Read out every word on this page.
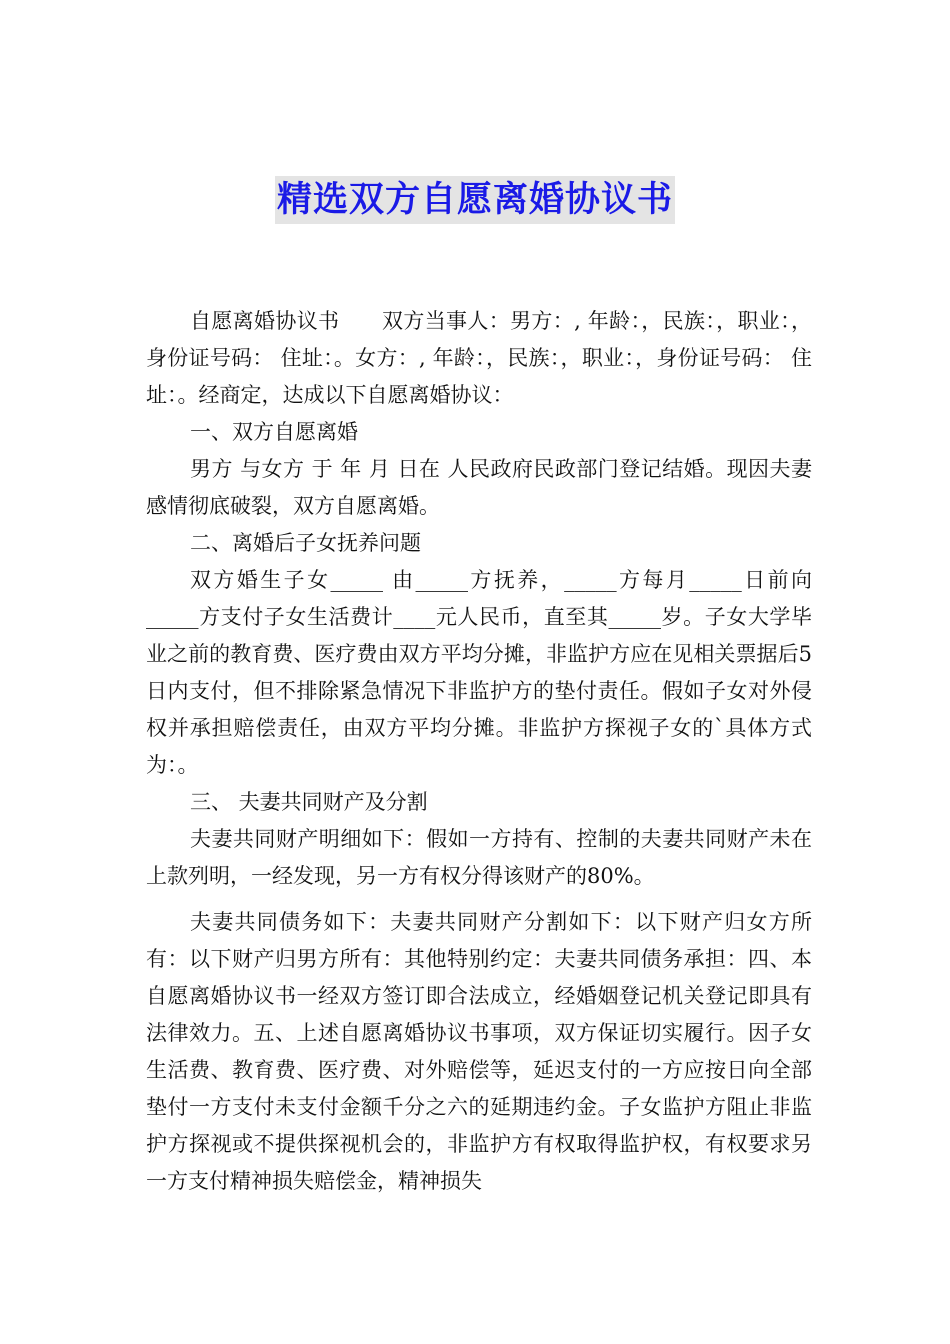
精选双方自愿离婚协议书

自愿离婚协议书　　双方当事人：男方：, 年龄：，民族：，职业：，身份证号码： 住址：。女方：, 年龄：，民族：，职业：，身份证号码： 住址：。经商定，达成以下自愿离婚协议：

一、双方自愿离婚

男方 与女方 于 年 月 日在 人民政府民政部门登记结婚。现因夫妻感情彻底破裂，双方自愿离婚。

二、离婚后子女抚养问题

双方婚生子女_____ 由_____方抚养，_____方每月_____日前向_____方支付子女生活费计____元人民币，直至其_____岁。子女大学毕业之前的教育费、医疗费由双方平均分摊，非监护方应在见相关票据后5日内支付，但不排除紧急情况下非监护方的垫付责任。假如子女对外侵权并承担赔偿责任，由双方平均分摊。非监护方探视子女的`具体方式为：。

三、 夫妻共同财产及分割

夫妻共同财产明细如下：假如一方持有、控制的夫妻共同财产未在上款列明，一经发现，另一方有权分得该财产的80%。

夫妻共同债务如下：夫妻共同财产分割如下：以下财产归女方所有：以下财产归男方所有：其他特别约定：夫妻共同债务承担：四、本自愿离婚协议书一经双方签订即合法成立，经婚姻登记机关登记即具有法律效力。五、上述自愿离婚协议书事项，双方保证切实履行。因子女生活费、教育费、医疗费、对外赔偿等，延迟支付的一方应按日向全部垫付一方支付未支付金额千分之六的延期违约金。子女监护方阻止非监护方探视或不提供探视机会的，非监护方有权取得监护权，有权要求另一方支付精神损失赔偿金，精神损失
